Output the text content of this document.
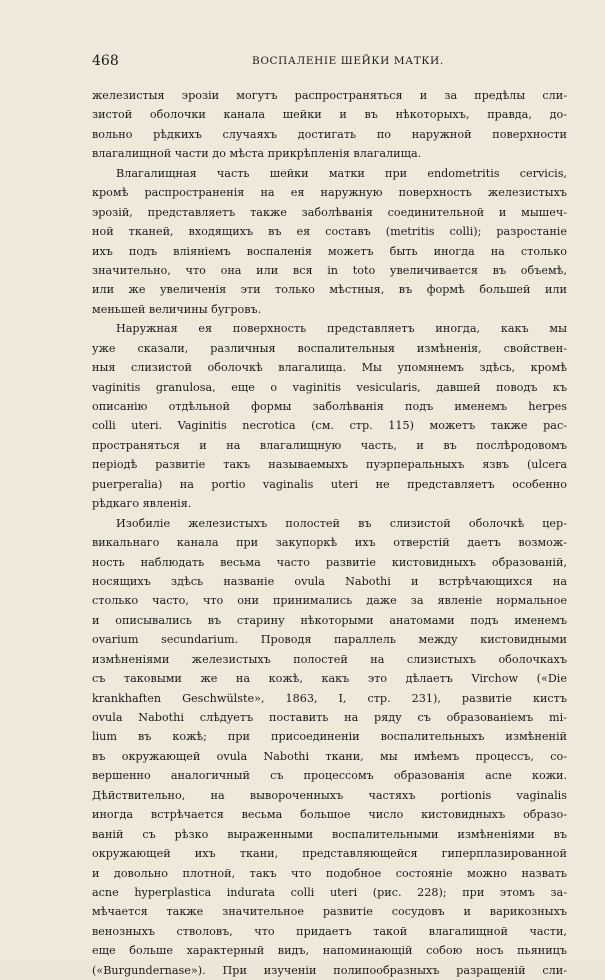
468	ВОСПАЛЕНІЕ ШЕЙКИ МАТКИ.
железистыя эрозіи могутъ распространяться и за предѣлы сли-
зистой оболочки канала шейки и въ нѣкоторыхъ, правда, до-
вольно рѣдкихъ случаяхъ достигать по наружной поверхности
влагалищной части до мѣста прикрѣпленія влагалища.
Влагалищная часть шейки матки при endometritis cervicis,
кромѣ распространенія на ея наружную поверхность железистыхъ
эрозій, представляетъ также заболѣванія соединительной и мышеч-
ной тканей, входящихъ въ ея составъ (metritis colli); разростаніе
ихъ подъ вліяніемъ воспаленія можетъ быть иногда на столько
значительно, что она или вся in toto увеличивается въ объемѣ,
или же увеличенія эти только мѣстныя, въ формѣ большей или
меньшей величины бугровъ.
Наружная ея поверхность представляетъ иногда, какъ мы
уже сказали, различныя воспалительныя измѣненія, свойствен-
ныя слизистой оболочкѣ влагалища. Мы упомянемъ здѣсь, кромѣ
vaginitis granulosa, еще о vaginitis vesicularis, давшей поводъ къ
описанію отдѣльной формы заболѣванія подъ именемъ herpes
colli uteri. Vaginitis necrotica (см. стр. 115) можетъ также рас-
пространяться и на влагалищную часть, и въ послѣродовомъ
періодѣ развитіе такъ называемыхъ пуэрперальныхъ язвъ (ulcera
puerperalia) на portio vaginalis uteri не представляетъ особенно
рѣдкаго явленія.
Изобиліе железистыхъ полостей въ слизистой оболочкѣ цер-
викальнаго канала при закупоркѣ ихъ отверстій даетъ возмож-
ность наблюдать весьма часто развитіе кистовидныхъ образованій,
носящихъ здѣсь названіе ovula Nabothi и встрѣчающихся на
столько часто, что они принимались даже за явленіе нормальное
и описывались въ старину нѣкоторыми анатомами подъ именемъ
ovarium secundarium. Проводя параллель между кистовидными
измѣненіями железистыхъ полостей на слизистыхъ оболочкахъ
съ таковыми же на кожѣ, какъ это дѣлаетъ Virchow («Die
krankhaften Geschwülste», 1863, I, стр. 231), развитіе кистъ
ovula Nabothi слѣдуетъ поставить на ряду съ образованіемъ mi-
lium въ кожѣ; при присоединеніи воспалительныхъ измѣненій
въ окружающей ovula Nabothi ткани, мы имѣемъ процессъ, со-
вершенно аналогичный съ процессомъ образованія acne кожи.
Дѣйствительно, на вывороченныхъ частяхъ portionis vaginalis
иногда встрѣчается весьма большое число кистовидныхъ образо-
ваній съ рѣзко выраженными воспалительными измѣненіями въ
окружающей ихъ ткани, представляющейся гиперплазированной
и довольно плотной, такъ что подобное состояніе можно назвать
acne hyperplastica indurata colli uteri (рис. 228); при этомъ за-
мѣчается также значительное развитіе сосудовъ и варикозныхъ
венозныхъ стволовъ, что придаетъ такой влагалищной части,
еще больше характерный видъ, напоминающій собою носъ пьяницъ
(«Burgundernase»). При изученіи полипообразныхъ разращеній сли-
